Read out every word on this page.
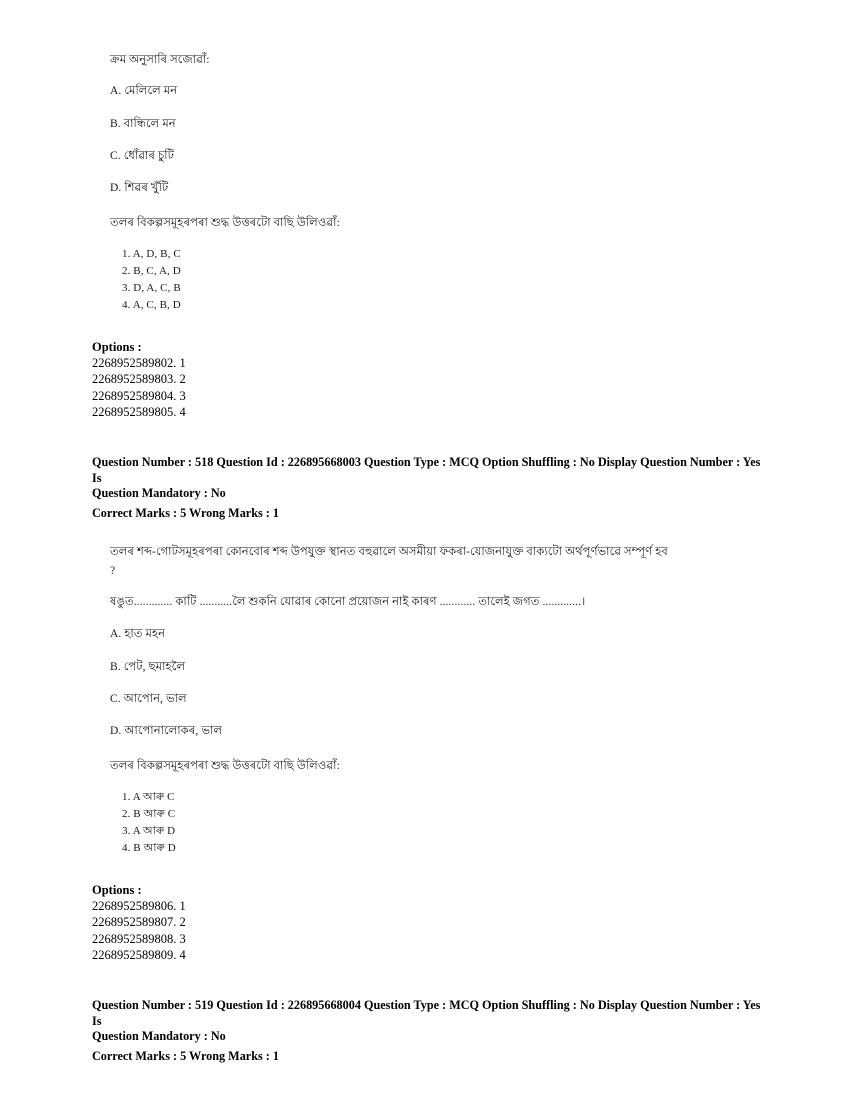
ক্ৰম অনুসাৰি সজোৱাঁ:
A. মেলিলে মন
B. বান্ধিলে মন
C. ধোঁৱাৰ চুটি
D. শিৱৰ খুঁটি
তলৰ বিকল্পসমূহৰপৰা শুদ্ধ উত্তৰটো বাছি উলিওৱাঁ:
1. A, D, B, C
2. B, C, A, D
3. D, A, C, B
4. A, C, B, D
Options :
2268952589802. 1
2268952589803. 2
2268952589804. 3
2268952589805. 4
Question Number : 518 Question Id : 226895668003 Question Type : MCQ Option Shuffling : No Display Question Number : Yes Is
Question Mandatory : No
Correct Marks : 5 Wrong Marks : 1
তলৰ শব্দ-গোটসমূহৰপৰা কোনবোৰ শব্দ উপযুক্ত স্থানত বহুৱালে অসমীয়া ফকৰা-যোজনাযুক্ত বাক্যটো অৰ্থপূৰ্ণভাৱে সম্পূৰ্ণ হব
?
ষঙুত............. কাটি ...........লৈ শুকনি যোৱাৰ কোনো প্ৰয়োজন নাই কাৰণ ............ তালেই জগত .............।
A. হাত মহন
B. পেট, ছমাহলৈ
C. আপোন, ভাল
D. আপোনালোকৰ, ভাল
তলৰ বিকল্পসমূহৰপৰা শুদ্ধ উত্তৰটো বাছি উলিওৱাঁ:
1. A আৰু C
2. B আৰু C
3. A আৰু D
4. B আৰু D
Options :
2268952589806. 1
2268952589807. 2
2268952589808. 3
2268952589809. 4
Question Number : 519 Question Id : 226895668004 Question Type : MCQ Option Shuffling : No Display Question Number : Yes Is
Question Mandatory : No
Correct Marks : 5 Wrong Marks : 1
